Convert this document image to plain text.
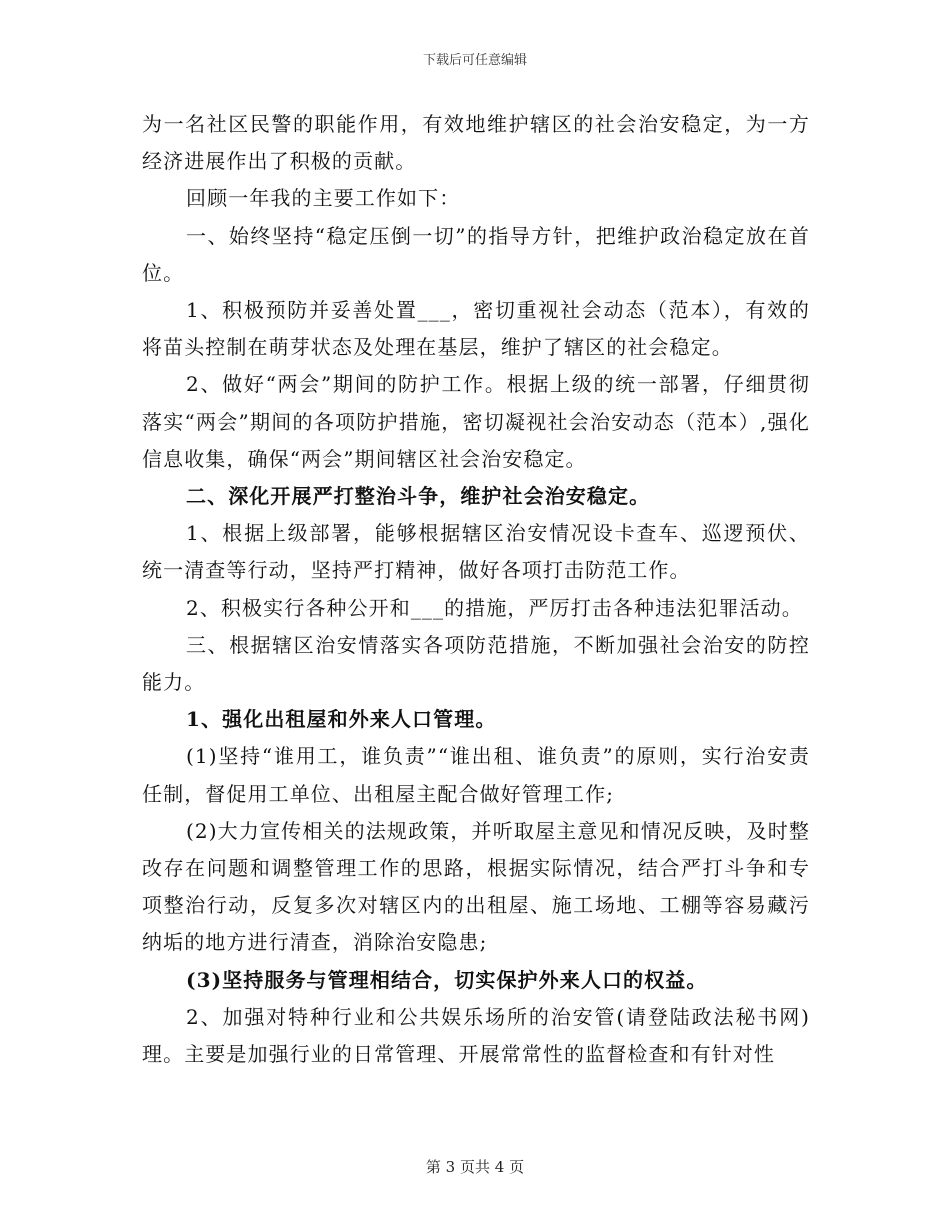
下载后可任意编辑

为一名社区民警的职能作用，有效地维护辖区的社会治安稳定，为一方经济进展作出了积极的贡献。

回顾一年我的主要工作如下：

一、始终坚持“稳定压倒一切”的指导方针，把维护政治稳定放在首位。

1、积极预防并妥善处置___，密切重视社会动态（范本），有效的将苗头控制在萌芽状态及处理在基层，维护了辖区的社会稳定。

2、做好“两会”期间的防护工作。根据上级的统一部署，仔细贯彻落实“两会”期间的各项防护措施，密切凝视社会治安动态（范本）,强化信息收集，确保“两会”期间辖区社会治安稳定。

二、深化开展严打整治斗争，维护社会治安稳定。

1、根据上级部署，能够根据辖区治安情况设卡查车、巡逻预伏、统一清查等行动，坚持严打精神，做好各项打击防范工作。

2、积极实行各种公开和___的措施，严厉打击各种违法犯罪活动。

三、根据辖区治安情落实各项防范措施，不断加强社会治安的防控能力。

1、强化出租屋和外来人口管理。

(1)坚持“谁用工，谁负责”“谁出租、谁负责”的原则，实行治安责任制，督促用工单位、出租屋主配合做好管理工作;

(2)大力宣传相关的法规政策，并听取屋主意见和情况反映，及时整改存在问题和调整管理工作的思路，根据实际情况，结合严打斗争和专项整治行动，反复多次对辖区内的出租屋、施工场地、工棚等容易藏污纳垢的地方进行清查，消除治安隐患;

(3)坚持服务与管理相结合，切实保护外来人口的权益。

2、加强对特种行业和公共娱乐场所的治安管(请登陆政法秘书网)理。主要是加强行业的日常管理、开展常常性的监督检查和有针对性

第 3 页共 4 页
